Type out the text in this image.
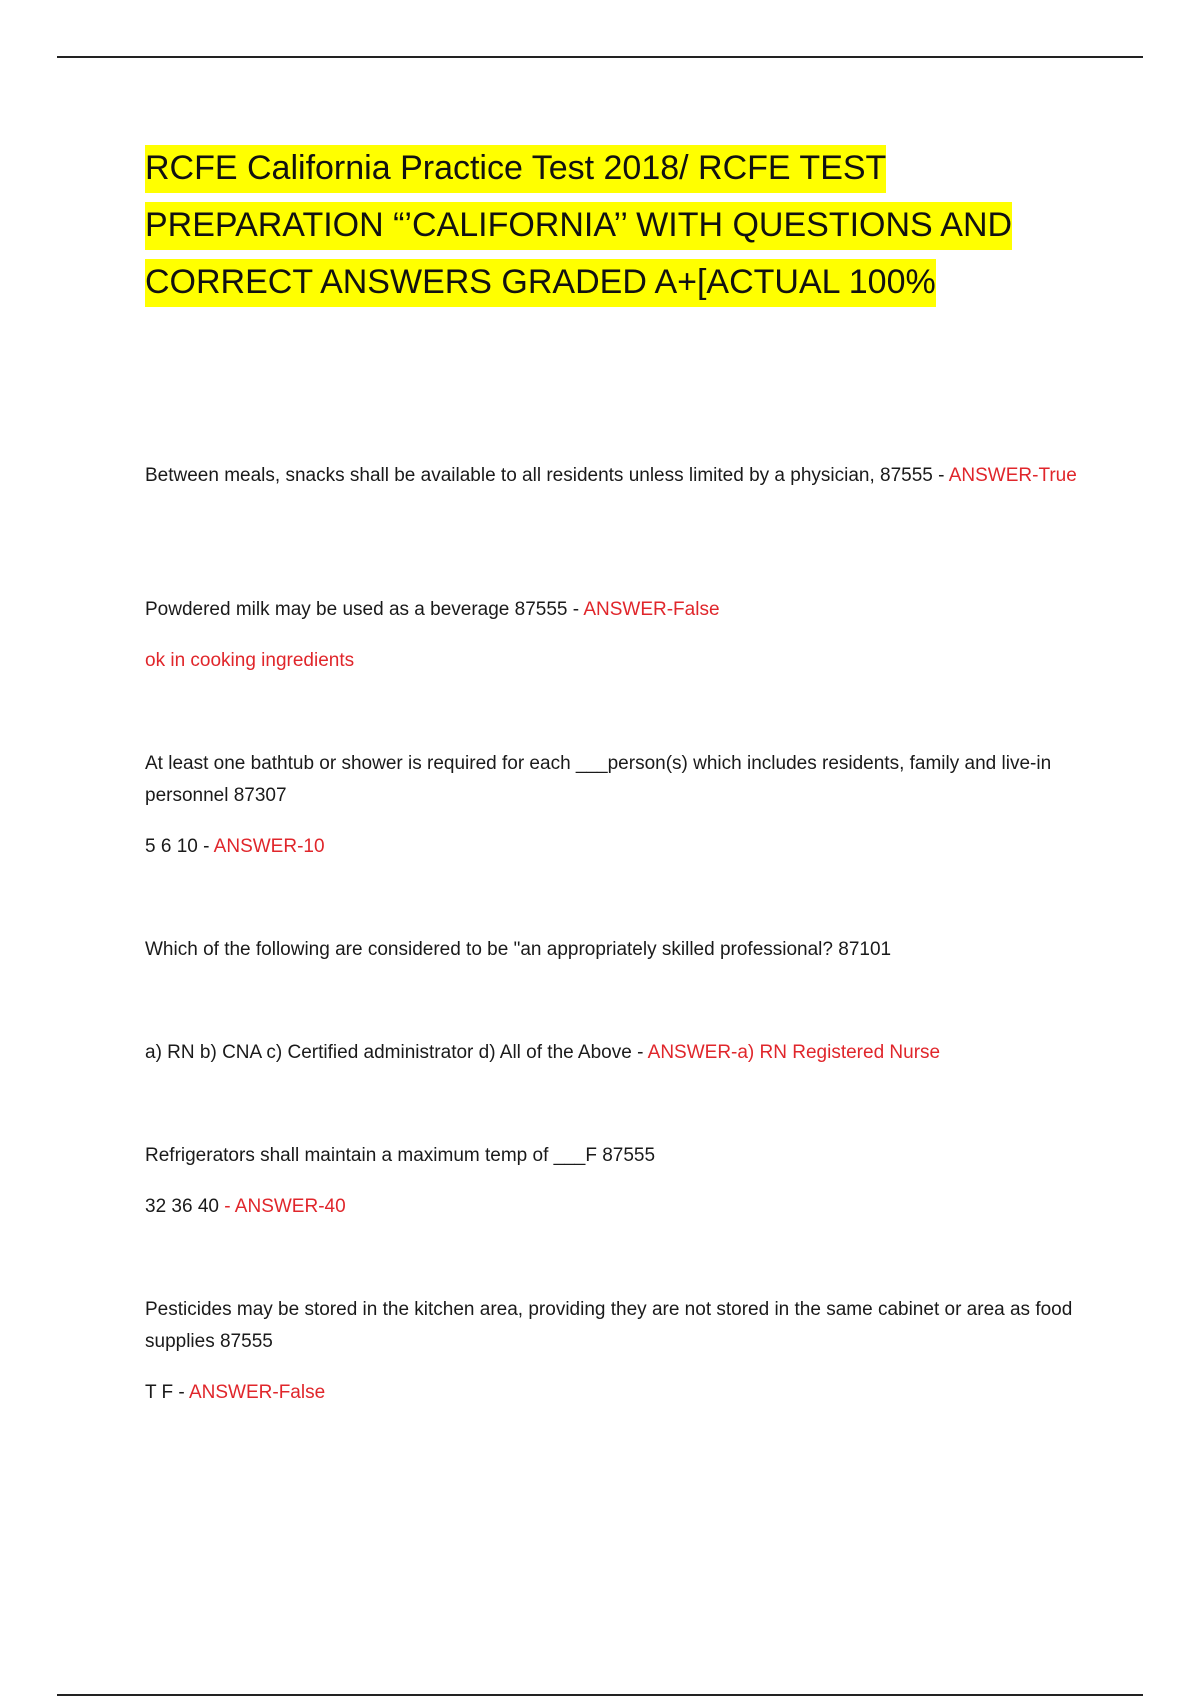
RCFE California Practice Test 2018/ RCFE TEST PREPARATION “’CALIFORNIA’’ WITH QUESTIONS AND CORRECT ANSWERS GRADED A+[ACTUAL 100%

Between meals, snacks shall be available to all residents unless limited by a physician, 87555 - ANSWER-True

Powdered milk may be used as a beverage 87555 - ANSWER-False

ok in cooking ingredients

At least one bathtub or shower is required for each ___person(s) which includes residents, family and live-in personnel 87307

5 6 10 - ANSWER-10

Which of the following are considered to be "an appropriately skilled professional? 87101

a) RN b) CNA c) Certified administrator d) All of the Above - ANSWER-a) RN Registered Nurse

Refrigerators shall maintain a maximum temp of ___F 87555

32 36 40 - ANSWER-40

Pesticides may be stored in the kitchen area, providing they are not stored in the same cabinet or area as food supplies 87555

T F - ANSWER-False
